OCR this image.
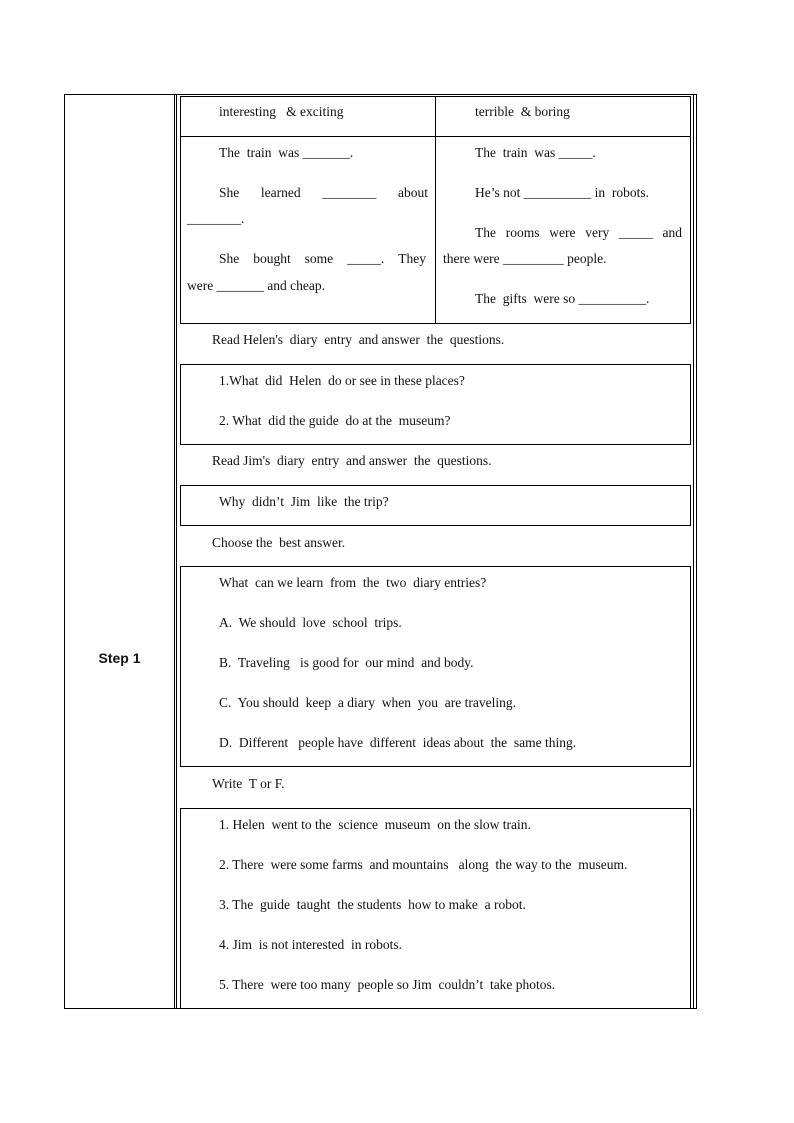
Step 1
interesting   & exciting	terrible  & boring
The  train  was _______.
She learned ________ about
________.
She bought some _____. They
were _______ and cheap.
The  train  was _____.
He’s not __________ in  robots.
The rooms were very _____ and
there were _________ people.
The  gifts  were so __________.
Read Helen's  diary  entry  and answer  the  questions.
1.What  did  Helen  do or see in these places?
2. What  did the guide  do at the  museum?
Read Jim's  diary  entry  and answer  the  questions.
Why  didn’t  Jim  like  the trip?
Choose the  best answer.
What  can we learn  from  the  two  diary entries?
A.  We should  love  school  trips.
B.  Traveling   is good for  our mind  and body.
C.  You should  keep  a diary  when  you  are traveling.
D.  Different   people have  different  ideas about  the  same thing.
Write  T or F.
1. Helen  went to the  science  museum  on the slow train.
2. There  were some farms  and mountains   along  the way to the  museum.
3. The  guide  taught  the students  how to make  a robot.
4. Jim  is not interested  in robots.
5. There  were too many  people so Jim  couldn’t  take photos.
